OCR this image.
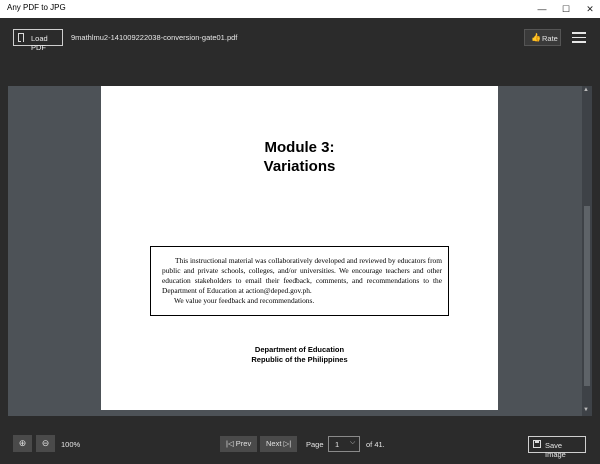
Any PDF to JPG	—	☐	✕
Load PDF
9mathlmu2-141009222038-conversion-gate01.pdf	👍 Rate
Module 3:
Variations
This instructional material was collaboratively developed and reviewed by educators from public and private schools, colleges, and/or universities. We encourage teachers and other education stakeholders to email their feedback, comments, and recommendations to the Department of Education at action@deped.gov.ph.
We value your feedback and recommendations.
Department of Education
Republic of the Philippines
▲
▼
⊕	⊖	100%	|◁ Prev	Next ▷|	Page 1 ⌵ of 41.	Save Image
